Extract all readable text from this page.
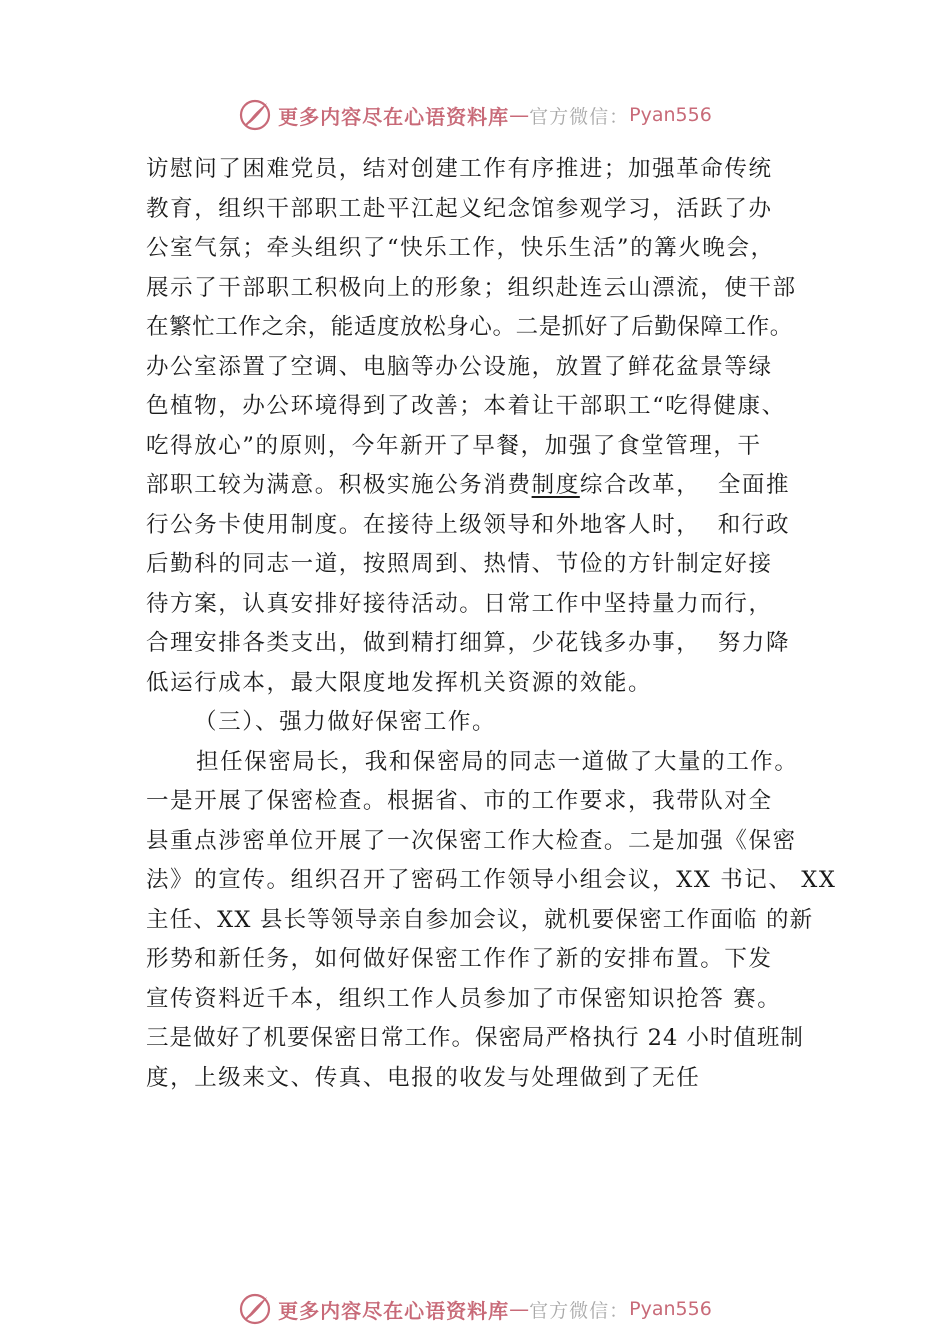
更多内容尽在心语资料库 — 官方微信： Pyan556
访慰问了困难党员，结对创建工作有序推进；加强革命传统
教育，组织干部职工赴平江起义纪念馆参观学习，活跃了办
公室气氛；牵头组织了“快乐工作，快乐生活”的篝火晚会，
展示了干部职工积极向上的形象；组织赴连云山漂流，使干部
在繁忙工作之余，能适度放松身心。二是抓好了后勤保障工作。
办公室添置了空调、电脑等办公设施，放置了鲜花盆景等绿
色植物，办公环境得到了改善；本着让干部职工“吃得健康、
吃得放心”的原则，今年新开了早餐，加强了食堂管理，干
部职工较为满意。积极实施公务消费制度综合改革，  全面推
行公务卡使用制度。在接待上级领导和外地客人时，  和行政
后勤科的同志一道，按照周到、热情、节俭的方针制定好接
待方案，认真安排好接待活动。日常工作中坚持量力而行，
合理安排各类支出，做到精打细算，少花钱多办事，  努力降
低运行成本，最大限度地发挥机关资源的效能。
（三）、强力做好保密工作。
担任保密局长，我和保密局的同志一道做了大量的工作。
一是开展了保密检查。根据省、市的工作要求，我带队对全
县重点涉密单位开展了一次保密工作大检查。二是加强《保密
法》的宣传。组织召开了密码工作领导小组会议，XX 书记、 XX
主任、XX 县长等领导亲自参加会议，就机要保密工作面临 的新
形势和新任务，如何做好保密工作作了新的安排布置。下发
宣传资料近千本，组织工作人员参加了市保密知识抢答 赛。
三是做好了机要保密日常工作。保密局严格执行 24 小时值班制
度，上级来文、传真、电报的收发与处理做到了无任
更多内容尽在心语资料库 — 官方微信： Pyan556
